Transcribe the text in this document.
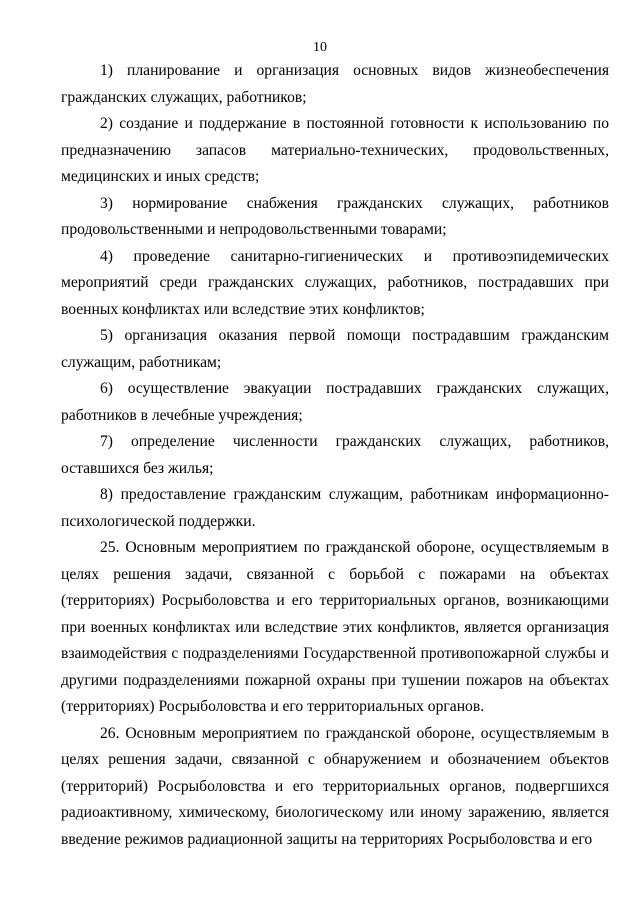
10

1) планирование и организация основных видов жизнеобеспечения гражданских служащих, работников;

2) создание и поддержание в постоянной готовности к использованию по предназначению запасов материально-технических, продовольственных, медицинских и иных средств;

3) нормирование снабжения гражданских служащих, работников продовольственными и непродовольственными товарами;

4) проведение санитарно-гигиенических и противоэпидемических мероприятий среди гражданских служащих, работников, пострадавших при военных конфликтах или вследствие этих конфликтов;

5) организация оказания первой помощи пострадавшим гражданским служащим, работникам;

6) осуществление эвакуации пострадавших гражданских служащих, работников в лечебные учреждения;

7) определение численности гражданских служащих, работников, оставшихся без жилья;

8) предоставление гражданским служащим, работникам информационно-психологической поддержки.

25. Основным мероприятием по гражданской обороне, осуществляемым в целях решения задачи, связанной с борьбой с пожарами на объектах (территориях) Росрыболовства и его территориальных органов, возникающими при военных конфликтах или вследствие этих конфликтов, является организация взаимодействия с подразделениями Государственной противопожарной службы и другими подразделениями пожарной охраны при тушении пожаров на объектах (территориях) Росрыболовства и его территориальных органов.

26. Основным мероприятием по гражданской обороне, осуществляемым в целях решения задачи, связанной с обнаружением и обозначением объектов (территорий) Росрыболовства и его территориальных органов, подвергшихся радиоактивному, химическому, биологическому или иному заражению, является введение режимов радиационной защиты на территориях Росрыболовства и его
